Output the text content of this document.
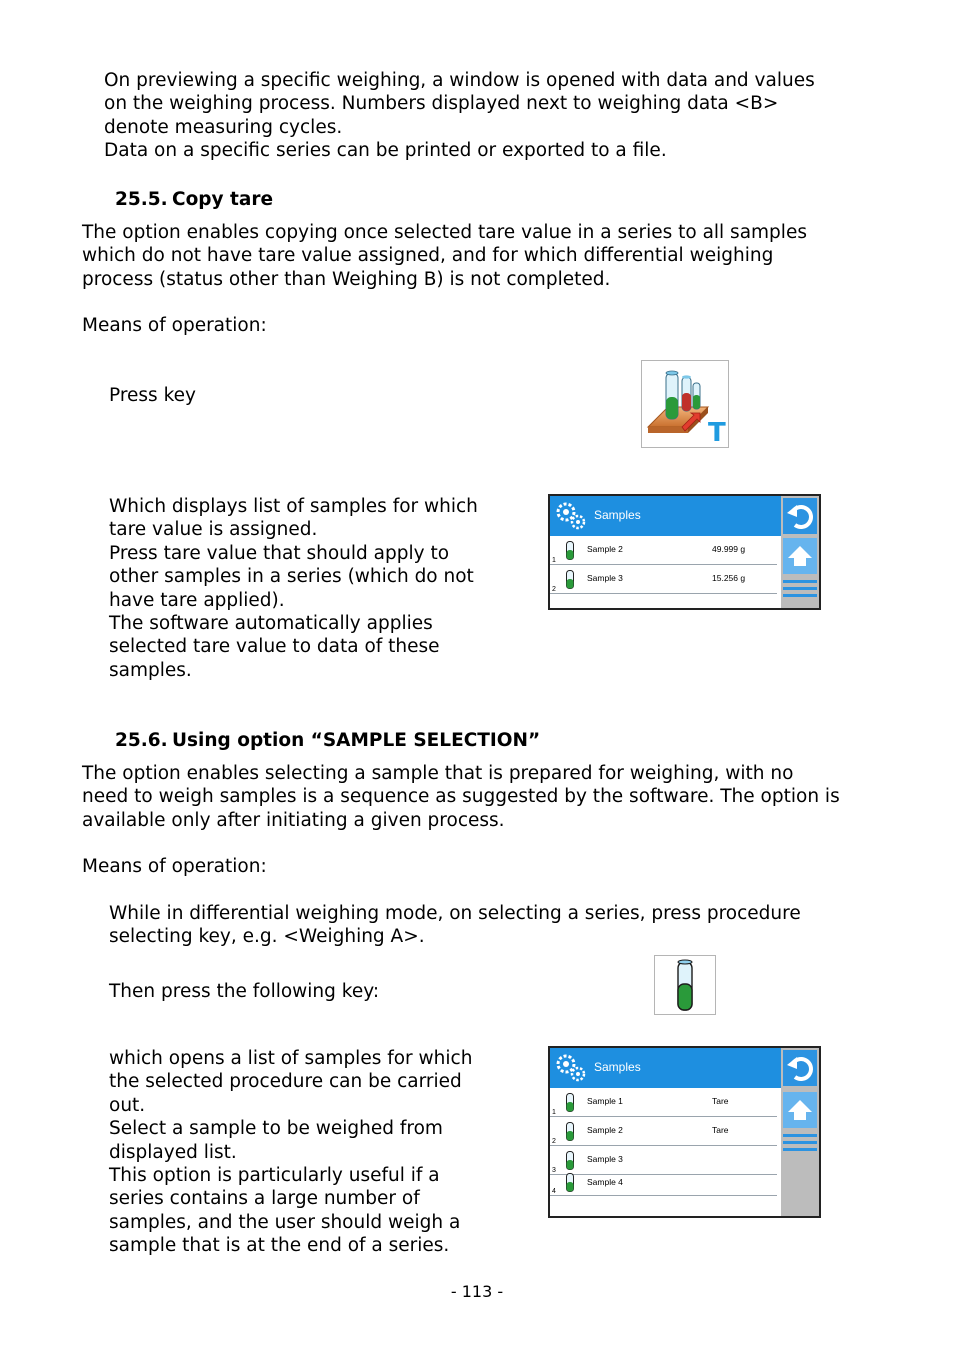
On previewing a specific weighing, a window is opened with data and values
on the weighing process. Numbers displayed next to weighing data <B>
denote measuring cycles.
Data on a specific series can be printed or exported to a file.
25.5. Copy tare
The option enables copying once selected tare value in a series to all samples
which do not have tare value assigned, and for which differential weighing
process (status other than Weighing B) is not completed.
Means of operation:
Press key
T
Which displays list of samples for which
tare value is assigned.
Press tare value that should apply to
other samples in a series (which do not
have tare applied).
The software automatically applies
selected tare value to data of these
samples.
Samples
1
Sample 2	49.999 g
2
Sample 3	15.256 g
25.6. Using option “SAMPLE SELECTION”
The option enables selecting a sample that is prepared for weighing, with no
need to weigh samples is a sequence as suggested by the software. The option is
available only after initiating a given process.
Means of operation:
While in differential weighing mode, on selecting a series, press procedure
selecting key, e.g. <Weighing A>.
Then press the following key:
which opens a list of samples for which
the selected procedure can be carried
out.
Select a sample to be weighed from
displayed list.
This option is particularly useful if a
series contains a large number of
samples, and the user should weigh a
sample that is at the end of a series.
Samples
1
Sample 1	Tare
2
Sample 2	Tare
3
Sample 3
4
Sample 4
- 113 -
